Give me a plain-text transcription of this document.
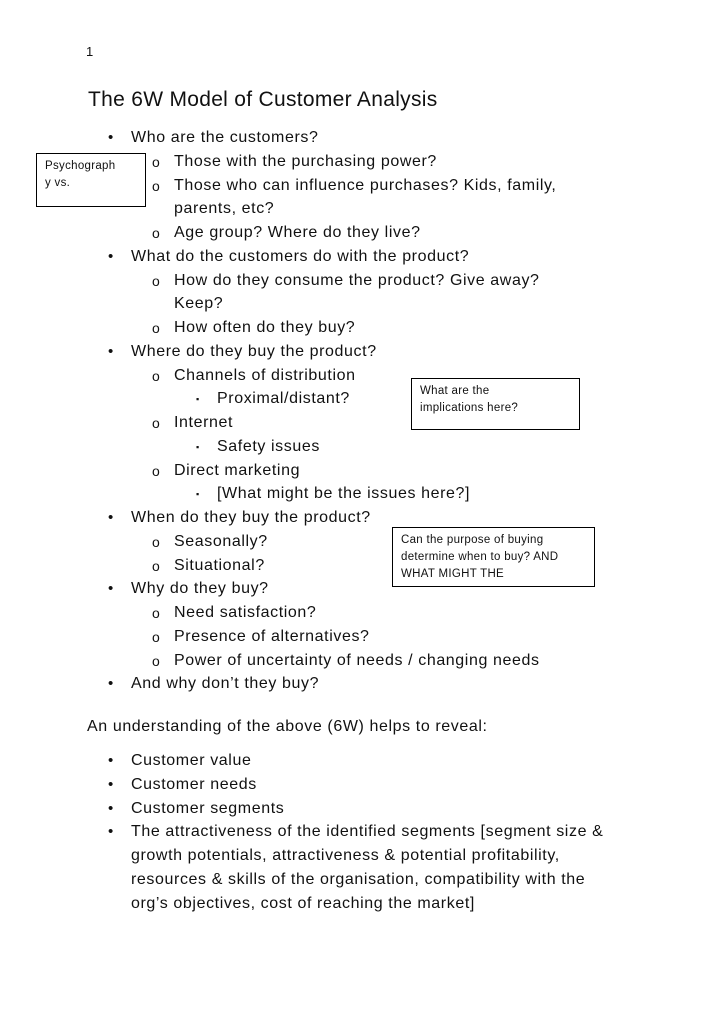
1
The 6W Model of Customer Analysis
• Who are the customers?
o Those with the purchasing power?
o Those who can influence purchases? Kids, family,
parents, etc?
o Age group? Where do they live?
• What do the customers do with the product?
o How do they consume the product? Give away?
Keep?
o How often do they buy?
• Where do they buy the product?
o Channels of distribution
▪ Proximal/distant?
o Internet
▪ Safety issues
o Direct marketing
▪ [What might be the issues here?]
• When do they buy the product?
o Seasonally?
o Situational?
• Why do they buy?
o Need satisfaction?
o Presence of alternatives?
o Power of uncertainty of needs / changing needs
• And why don’t they buy?
An understanding of the above (6W) helps to reveal:
• Customer value
• Customer needs
• Customer segments
• The attractiveness of the identified segments [segment size &
growth potentials, attractiveness & potential profitability,
resources & skills of the organisation, compatibility with the
org’s objectives, cost of reaching the market]
Psychograph
y vs.
What are the
implications here?
Can the purpose of buying
determine when to buy? AND
WHAT MIGHT THE
